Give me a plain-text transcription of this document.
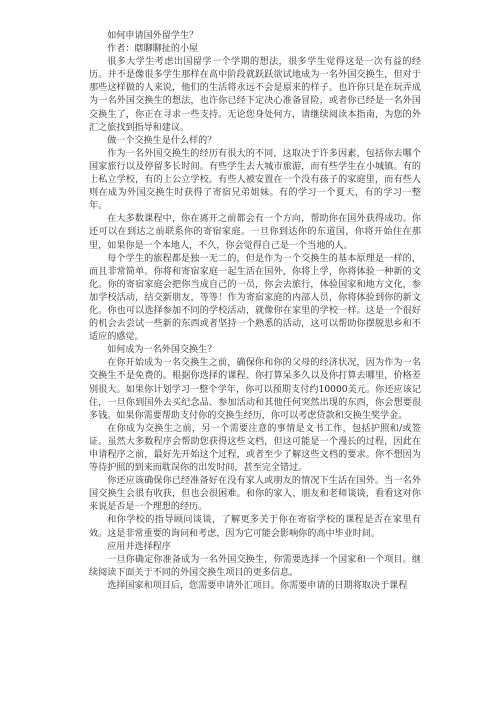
如何申请国外留学生？

作者：瞎聊聊扯的小屋

很多大学生考虑出国留学一个学期的想法，很多学生觉得这是一次有益的经历。并不是像很多学生那样在高中阶段就跃跃欲试地成为一名外国交换生，但对于那些这样做的人来说，他们的生活将永远不会是原来的样子。也许你只是在玩弄成为一名外国交换生的想法，也许你已经下定决心准备冒险，或者你已经是一名外国交换生了，你正在寻求一些支持。无论您身处何方，请继续阅读本指南，为您的外汇之旅找到指导和建议。

做一个交换生是什么样的？

作为一名外国交换生的经历有很大的不同，这取决于许多因素，包括你去哪个国家旅行以及停留多长时间。有些学生去大城市旅游，而有些学生在小城镇。有的上私立学校，有的上公立学校。有些人被安置在一个没有孩子的家庭里，而有些人则在成为外国交换生时获得了寄宿兄弟姐妹。有的学习一个夏天，有的学习一整年。

在大多数课程中，你在离开之前都会有一个方向，帮助你在国外获得成功。你还可以在到达之前联系你的寄宿家庭。一旦你到达你的东道国，你将开始住在那里，如果你是一个本地人，不久，你会觉得自己是一个当地的人。

每个学生的旅程都是独一无二的，但是作为一个交换生的基本原理是一样的，而且非常简单。你将和寄宿家庭一起生活在国外，你将上学，你将体验一种新的文化。你的寄宿家庭会把你当成自己的一员，你会去旅行，体验国家和地方文化，参加学校活动，结交新朋友，等等！作为寄宿家庭的内部人员，你将体验到你的新文化。你也可以选择参加不同的学校活动，就像你在家里的学校一样。这是一个很好的机会去尝试一些新的东西或者坚持一个熟悉的活动，这可以帮助你摆脱思乡和不适应的感觉。

如何成为一名外国交换生？

在你开始成为一名交换生之前，确保你和你的父母的经济状况，因为作为一名交换生不是免费的。根据你选择的课程、你打算呆多久以及你打算去哪里，价格差别很大。如果你计划学习一整个学年，你可以预期支付约10000美元。你还应该记住，一旦你到国外去买纪念品、参加活动和其他任何突然出现的东西，你会想要很多钱。如果你需要帮助支付你的交换生经历，你可以考虑贷款和交换生奖学金。

在你成为交换生之前，另一个需要注意的事情是文书工作，包括护照和/或签证。虽然大多数程序会帮助您获得这些文档，但这可能是一个漫长的过程，因此在申请程序之前，最好先开始这个过程，或者至少了解这些文档的要求。你不想因为等待护照的到来而耽误你的出发时间，甚至完全错过。

你还应该确保你已经准备好在没有家人或朋友的情况下生活在国外。当一名外国交换生会很有收获，但也会很困难。和你的家人、朋友和老师谈谈，看看这对你来说是否是一个理想的经历。

和你学校的指导顾问谈谈，了解更多关于你在寄宿学校的课程是否在家里有效。这是非常重要的询问和考虑，因为它可能会影响你的高中毕业时间。

应用并选择程序

一旦你确定你准备成为一名外国交换生，你需要选择一个国家和一个项目。继续阅读下面关于不同的外国交换生项目的更多信息。

选择国家和项目后，您需要申请外汇项目。你需要申请的日期将取决于课程
